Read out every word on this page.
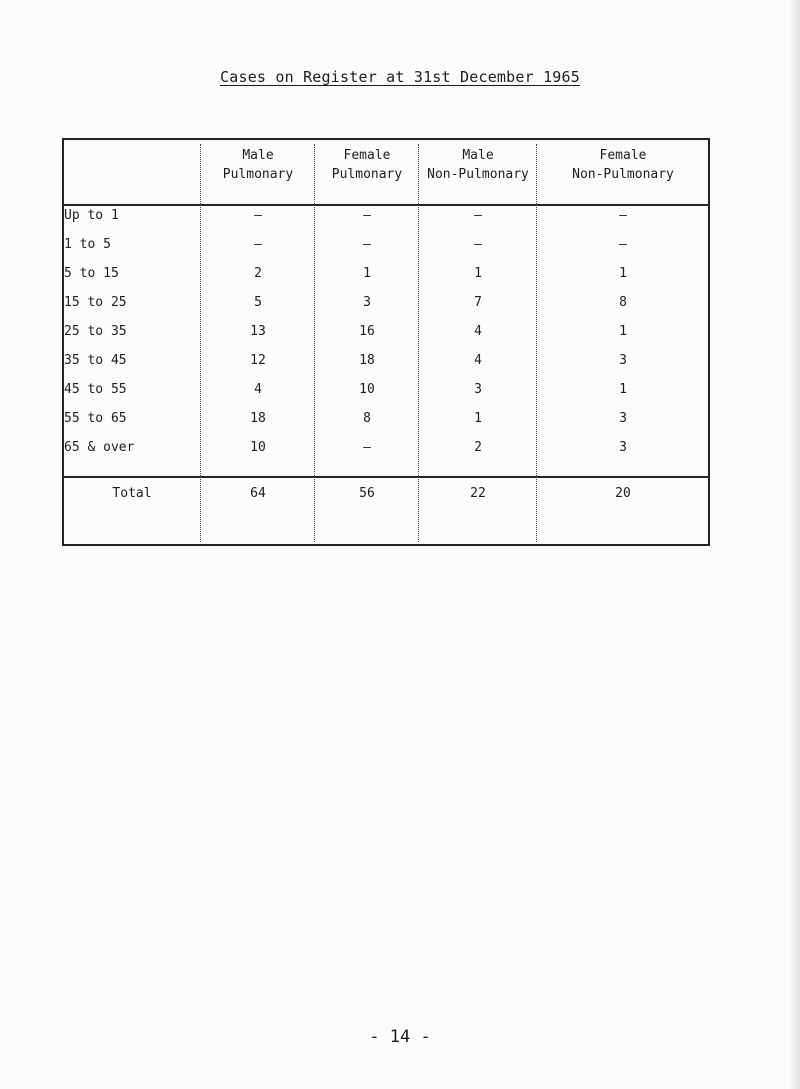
Cases on Register at 31st December 1965
Male
Pulmonary
Female
Pulmonary
Male
Non-Pulmonary
Female
Non-Pulmonary
Up to 1	–	–	–	–
1 to 5	–	–	–	–
5 to 15	2	1	1	1
15 to 25	5	3	7	8
25 to 35	13	16	4	1
35 to 45	12	18	4	3
45 to 55	4	10	3	1
55 to 65	18	8	1	3
65 & over	10	–	2	3
Total	64	56	22	20
- 14 -
